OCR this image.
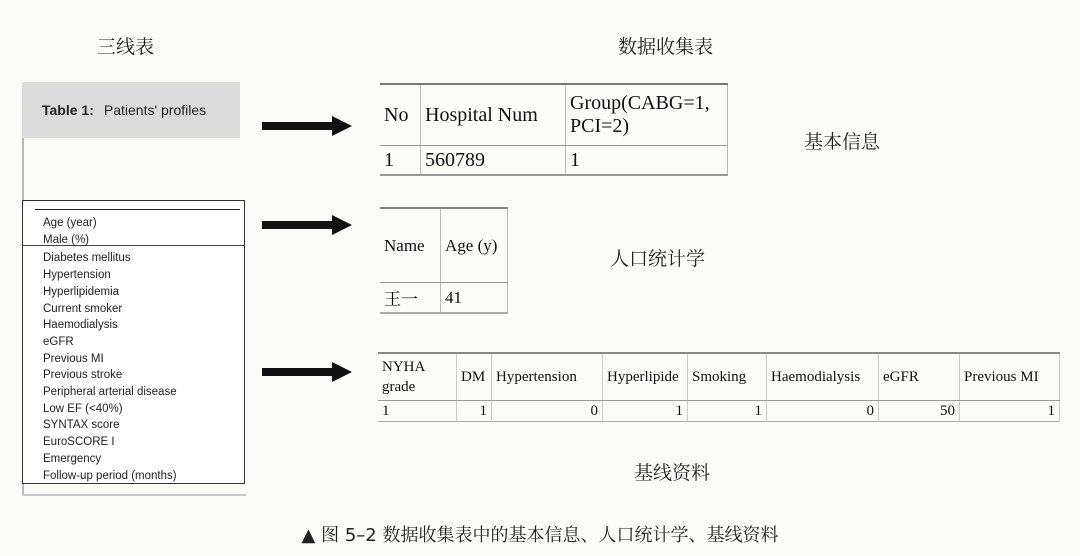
三线表	数据收集表
Table 1: Patients' profiles
Age (year)
Male (%)
Diabetes mellitus
Hypertension
Hyperlipidemia
Current smoker
Haemodialysis
eGFR
Previous MI
Previous stroke
Peripheral arterial disease
Low EF (<40%)
SYNTAX score
EuroSCORE I
Emergency
Follow-up period (months)
No	Hospital Num	Group(CABG=1, PCI=2)
1	560789	1
基本信息
Name	Age (y)
王一	41
人口统计学
NYHA grade	DM	Hypertension	Hyperlipide	Smoking	Haemodialysis	eGFR	Previous MI
1	1	0	1	1	0	50	1
基线资料
▲ 图 5–2 数据收集表中的基本信息、人口统计学、基线资料
